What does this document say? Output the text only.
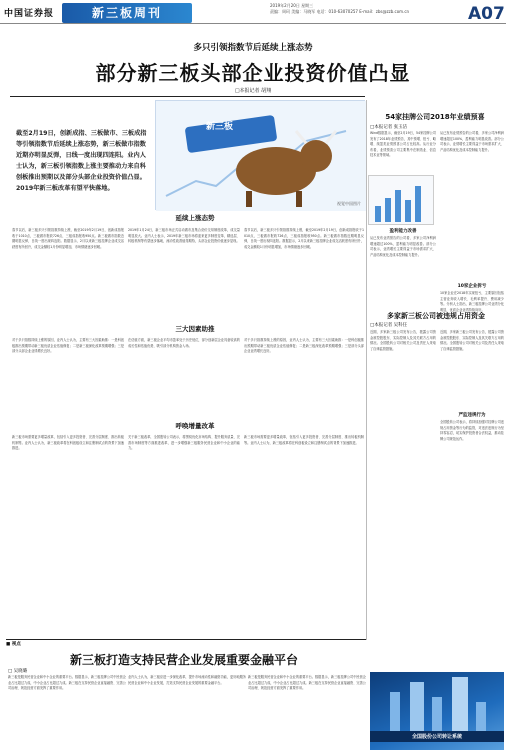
中国证券报	新三板周刊
2019年2月20日 星期三
责编：周珂 美编：马晓军 电话：010-63070257 E-mail：zbs@zzb.com.cn	A07
多只引领指数节后延续上涨态势
部分新三板头部企业投资价值凸显
□本报记者 胡翔
截至2月19日，创新成指、三板做市、三板成指等引领指数节后延续上涨态势，新三板做市指数近期亦明显反弹，日线一度出现四连阳。业内人士认为，新三板引领指数上涨主要推动力来自科创板推出预期以及部分头部企业投资价值凸显。2019年新三板改革有望平快落地。
新三板
视觉中国图片
延续上涨态势
春节以后，新三板多只引领指数持续上涨，截至2019年2月19日，创新成指报收于1010点，三板做市报收726点，三板成指报收950点。新三板做市指数近期明显反弹，日线一度出现四连阳。数据显示，2月以来新三板挂牌企业成交活跃度有所回升，成交金额较1月份明显增加，市场情绪逐步回暖。
2019年1月24日，新三板市场正式启动做市及集合竞价交易制度改革，成交量明显放大。业内人士表示，2019年新三板市场将迎来更多制度变革，精选层、转板机制等有望逐步落地，流动性改善值得期待，头部企业投资价值逐步显现。
春节以后，新三板多只引领指数持续上涨，截至2019年2月19日，创新成指报收于1010点，三板做市报收726点，三板成指报收950点。新三板做市指数近期明显反弹，日线一度出现四连阳。数据显示，2月以来新三板挂牌企业成交活跃度有所回升，成交金额较1月份明显增加，市场情绪逐步回暖。
三大因素助推
对于多只指数持续上涨的原因，业内人士认为，主要有三大因素助推：一是科创板推出预期带动新三板优质企业估值修复；二是新三板深化改革预期增强；三是部分头部企业业绩增长良好。
在估值方面，新三板企业平均市盈率处于历史低位，部分创新层企业具备较高的成长性和估值优势，吸引部分机构资金入场。
对于多只指数持续上涨的原因，业内人士认为，主要有三大因素助推：一是科创板推出预期带动新三板优质企业估值修复；二是新三板深化改革预期增强；三是部分头部企业业绩增长良好。
呼唤增量改革
新三板市场需要更多增量改革，包括引入更多投资者、完善分层制度、推出转板机制等。业内人士认为，新三板改革将在科创板设立和注册制试点的背景下加速推进。
关于新三板改革，全国股转公司表示，将围绕优化市场结构、提升服务质量、完善市场制度等方面推进改革，进一步增强新三板服务民营企业和中小企业的能力。
新三板市场需要更多增量改革，包括引入更多投资者、完善分层制度、推出转板机制等。业内人士认为，新三板改革将在科创板设立和注册制试点的背景下加速推进。
54家挂牌公司2018年业绩预喜
□本报记者 张玉洁
Wind数据显示，截至2月19日，54家挂牌公司发布了2018年业绩预告，其中预增、扭亏、略增、续盈类业绩预喜公司占比较高。从行业分布看，业绩预喜公司主要集中在制造业、信息技术业等领域。
盈利能力改善
从已发布业绩预告的公司看，多家公司净利润增速超过100%，盈利能力明显改善。部分公司表示，业绩增长主要得益于市场需求扩大、产品结构优化及成本控制能力提升。
从已发布业绩预告的公司看，多家公司净利润增速超过100%，盈利能力明显改善。部分公司表示，业绩增长主要得益于市场需求扩大、产品结构优化及成本控制能力提升。
10家企业拆亏
10家企业在2018年实现扭亏，主要原因包括主营业务收入增长、毛利率提升、费用减少等。分析人士指出，新三板挂牌公司业绩分化明显，优质企业业绩持续向好。
多家新三板公司被违规占用资金
□本报记者 吴科任
近期，多家新三板公司发布公告，披露公司资金被控股股东、实际控制人及其关联方占用的情况。全国股转公司对相关公司及责任人采取了自律监管措施。
近期，多家新三板公司发布公告，披露公司资金被控股股东、实际控制人及其关联方占用的情况。全国股转公司对相关公司及责任人采取了自律监管措施。
严监违规行为
全国股转公司表示，将持续加强对挂牌公司违规占用资金等行为的监管，对违法违规行为坚持零容忍，切实保护投资者合法权益，推动挂牌公司规范运作。
■ 视点
新三板打造支持民营企业发展重要金融平台
□ 吴晓璐
新三板是服务民营企业和中小企业的重要平台。数据显示，新三板挂牌公司中民营企业占比超过九成，中小企业占比超过九成。新三板在支持民营企业直接融资、完善公司治理、规范经营方面发挥了重要作用。
业内人士认为，新三板应进一步深化改革，提升市场流动性和融资功能，更好地服务民营企业和中小企业发展，打造支持民营企业发展的重要金融平台。
新三板是服务民营企业和中小企业的重要平台。数据显示，新三板挂牌公司中民营企业占比超过九成，中小企业占比超过九成。新三板在支持民营企业直接融资、完善公司治理、规范经营方面发挥了重要作用。
全国股份公司转让系统
